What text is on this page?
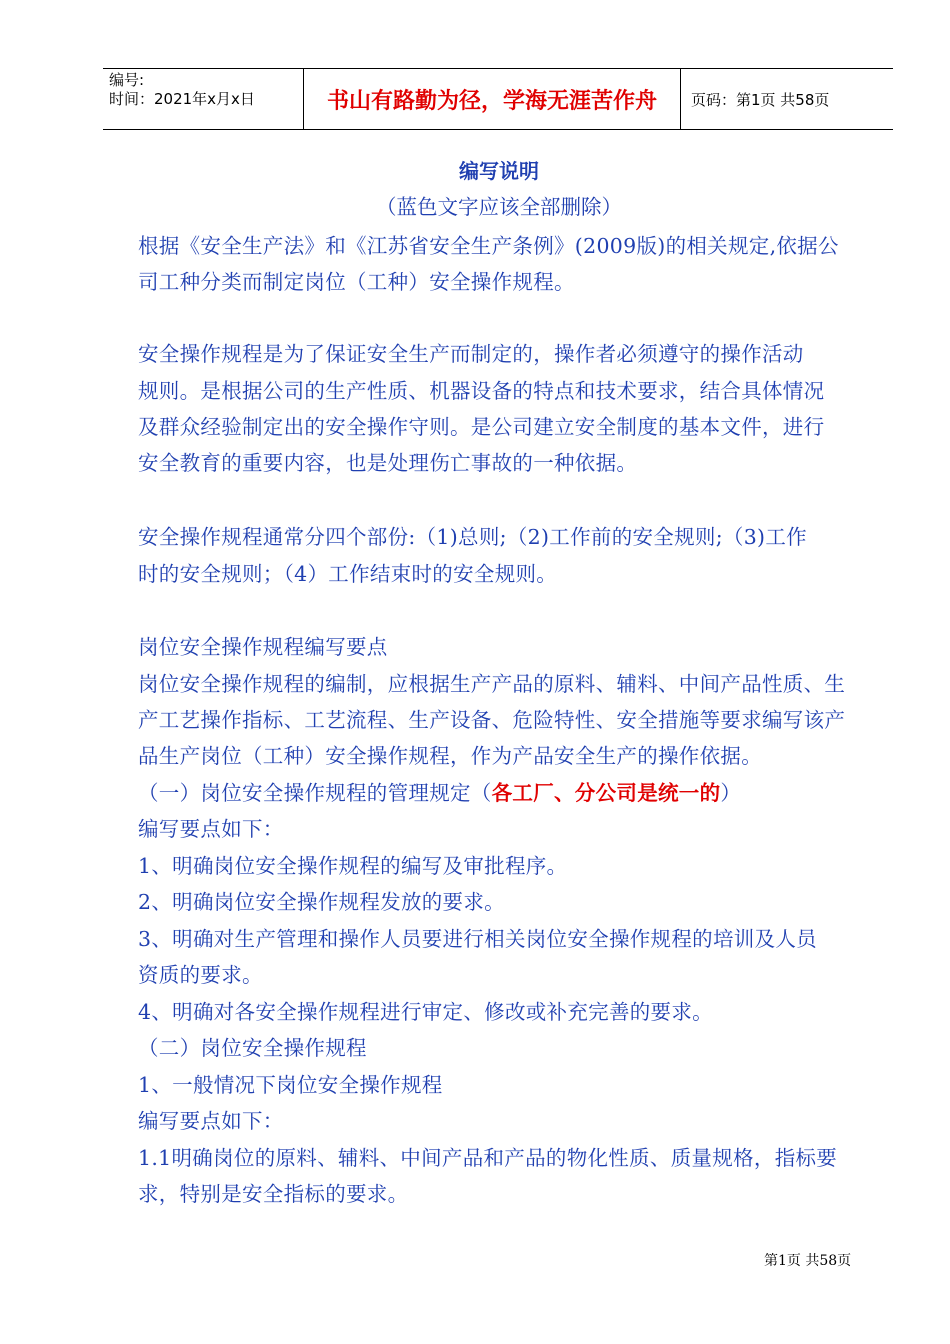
编号:
时间：2021年x月x日	书山有路勤为径，学海无涯苦作舟	页码：第1页 共58页
编写说明
（蓝色文字应该全部删除）
根据《安全生产法》和《江苏省安全生产条例》(2009版)的相关规定,依据公
司工种分类而制定岗位（工种）安全操作规程。
安全操作规程是为了保证安全生产而制定的，操作者必须遵守的操作活动
规则。是根据公司的生产性质、机器设备的特点和技术要求，结合具体情况
及群众经验制定出的安全操作守则。是公司建立安全制度的基本文件，进行
安全教育的重要内容，也是处理伤亡事故的一种依据。
安全操作规程通常分四个部份:（1)总则;（2)工作前的安全规则;（3)工作
时的安全规则；（4）工作结束时的安全规则。
岗位安全操作规程编写要点
岗位安全操作规程的编制，应根据生产产品的原料、辅料、中间产品性质、生
产工艺操作指标、工艺流程、生产设备、危险特性、安全措施等要求编写该产
品生产岗位（工种）安全操作规程，作为产品安全生产的操作依据。
（一）岗位安全操作规程的管理规定（各工厂、分公司是统一的）
编写要点如下：
1、明确岗位安全操作规程的编写及审批程序。
2、明确岗位安全操作规程发放的要求。
3、明确对生产管理和操作人员要进行相关岗位安全操作规程的培训及人员
资质的要求。
4、明确对各安全操作规程进行审定、修改或补充完善的要求。
（二）岗位安全操作规程
1、一般情况下岗位安全操作规程
编写要点如下：
1.1明确岗位的原料、辅料、中间产品和产品的物化性质、质量规格，指标要
求，特别是安全指标的要求。
第1页 共58页
